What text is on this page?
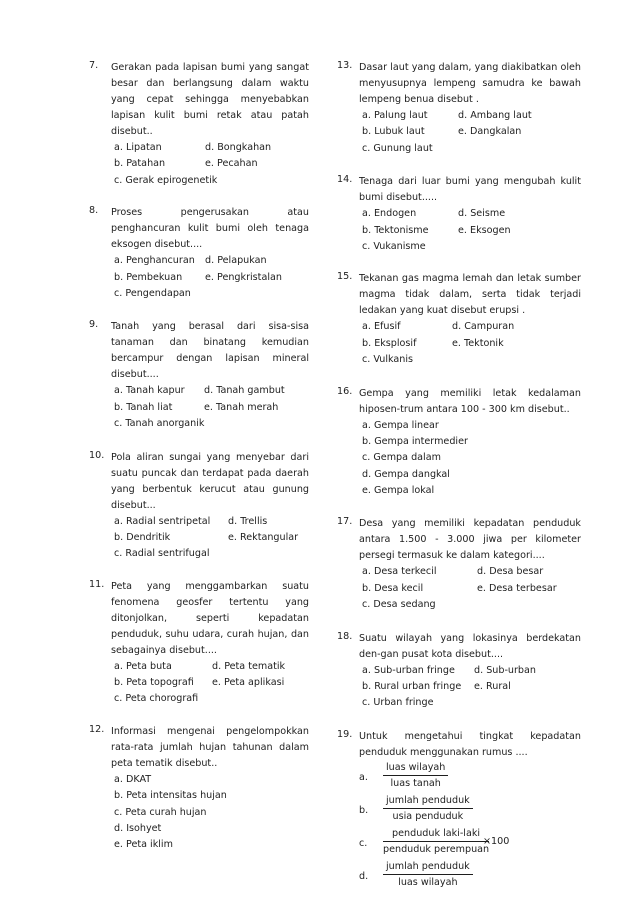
7. Gerakan pada lapisan bumi yang sangat besar dan berlangsung dalam waktu yang cepat sehingga menyebabkan lapisan kulit bumi retak atau patah disebut..
a. Lipatan	d. Bongkahan
b. Patahan	e. Pecahan
c. Gerak epirogenetik
8. Proses pengerusakan atau penghancuran kulit bumi oleh tenaga eksogen disebut....
a. Penghancuran d. Pelapukan
b. Pembekuan e. Pengkristalan
c. Pengendapan
9. Tanah yang berasal dari sisa-sisa tanaman dan binatang kemudian bercampur dengan lapisan mineral disebut....
a. Tanah kapur d. Tanah gambut
b. Tanah liat	e. Tanah merah
c. Tanah anorganik
10. Pola aliran sungai yang menyebar dari suatu puncak dan terdapat pada daerah yang berbentuk kerucut atau gunung disebut...
a. Radial sentripetal d. Trellis
b. Dendritik	e. Rektangular
c. Radial sentrifugal
11. Peta yang menggambarkan suatu fenomena geosfer tertentu yang ditonjolkan, seperti kepadatan penduduk, suhu udara, curah hujan, dan sebagainya disebut....
a. Peta buta	d. Peta tematik
b. Peta topografi e. Peta aplikasi
c. Peta chorografi
12. Informasi mengenai pengelompokkan rata-rata jumlah hujan tahunan dalam peta tematik disebut..
a. DKAT
b. Peta intensitas hujan
c. Peta curah hujan
d. Isohyet
e. Peta iklim
13. Dasar laut yang dalam, yang diakibatkan oleh menyusupnya lempeng samudra ke bawah lempeng benua disebut .
a. Palung laut	d. Ambang laut
b. Lubuk laut	e. Dangkalan
c. Gunung laut
14. Tenaga dari luar bumi yang mengubah kulit bumi disebut.....
a. Endogen	d. Seisme
b. Tektonisme	e. Eksogen
c. Vukanisme
15. Tekanan gas magma lemah dan letak sumber magma tidak dalam, serta tidak terjadi ledakan yang kuat disebut erupsi .
a. Efusif	d. Campuran
b. Eksplosif	e. Tektonik
c. Vulkanis
16. Gempa yang memiliki letak kedalaman hiposen-trum antara 100 - 300 km disebut..
a. Gempa linear
b. Gempa intermedier
c. Gempa dalam
d. Gempa dangkal
e. Gempa lokal
17. Desa yang memiliki kepadatan penduduk antara 1.500 - 3.000 jiwa per kilometer persegi termasuk ke dalam kategori....
a. Desa terkecil	d. Desa besar
b. Desa kecil	e. Desa terbesar
c. Desa sedang
18. Suatu wilayah yang lokasinya berdekatan den-gan pusat kota disebut....
a. Sub-urban fringe d. Sub-urban
b. Rural urban fringe e. Rural
c. Urban fringe
19. Untuk mengetahui tingkat kepadatan penduduk menggunakan rumus ....
a.
luas wilayah
luas tanah
b.
jumlah penduduk
usia penduduk
c.
penduduk laki-laki
penduduk perempuan
×100
d.
jumlah penduduk
luas wilayah
